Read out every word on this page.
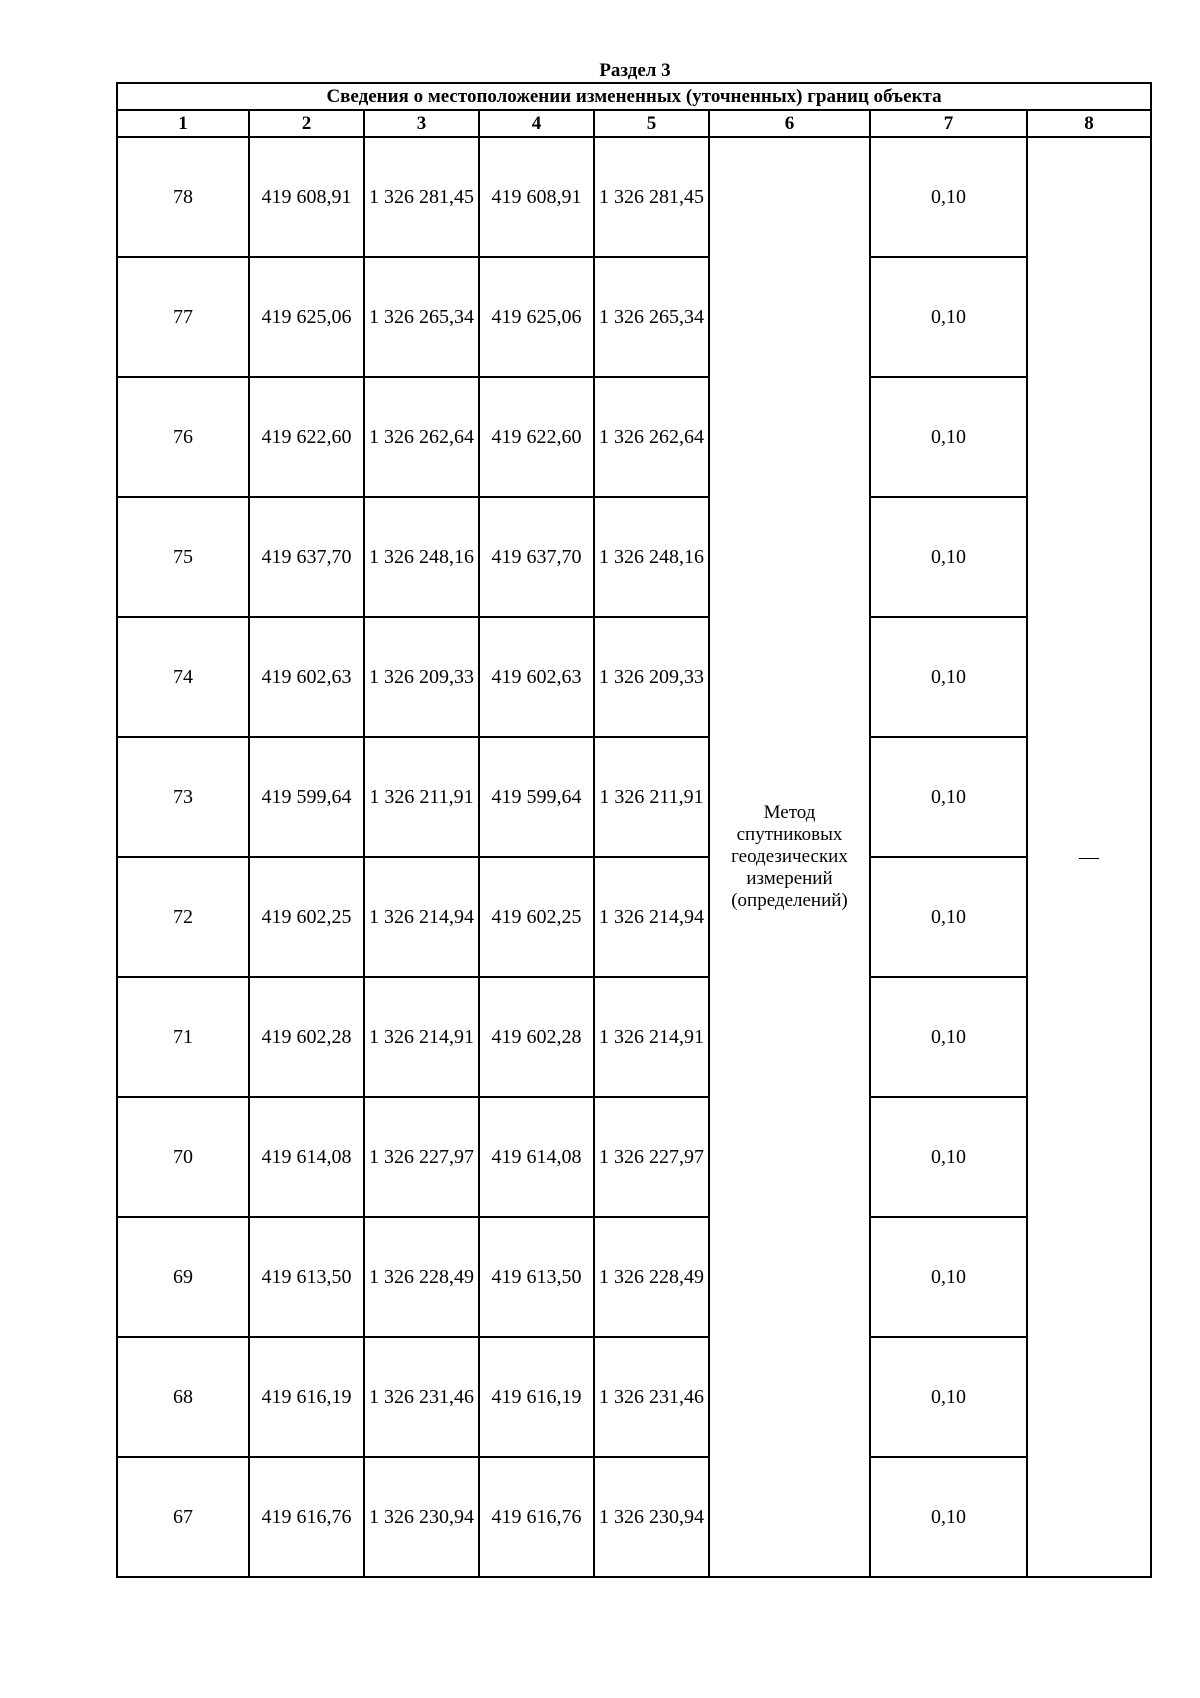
Раздел 3
Сведения о местоположении измененных (уточненных) границ объекта							
1	2	3	4	5	6	7	8
78	419 608,91	1 326 281,45	419 608,91	1 326 281,45	Метод спутниковых геодезических измерений (определений)	0,10	—
77	419 625,06	1 326 265,34	419 625,06	1 326 265,34		0,10	
76	419 622,60	1 326 262,64	419 622,60	1 326 262,64		0,10	
75	419 637,70	1 326 248,16	419 637,70	1 326 248,16		0,10	
74	419 602,63	1 326 209,33	419 602,63	1 326 209,33		0,10	
73	419 599,64	1 326 211,91	419 599,64	1 326 211,91		0,10	
72	419 602,25	1 326 214,94	419 602,25	1 326 214,94		0,10	
71	419 602,28	1 326 214,91	419 602,28	1 326 214,91		0,10	
70	419 614,08	1 326 227,97	419 614,08	1 326 227,97		0,10	
69	419 613,50	1 326 228,49	419 613,50	1 326 228,49		0,10	
68	419 616,19	1 326 231,46	419 616,19	1 326 231,46		0,10	
67	419 616,76	1 326 230,94	419 616,76	1 326 230,94		0,10	
